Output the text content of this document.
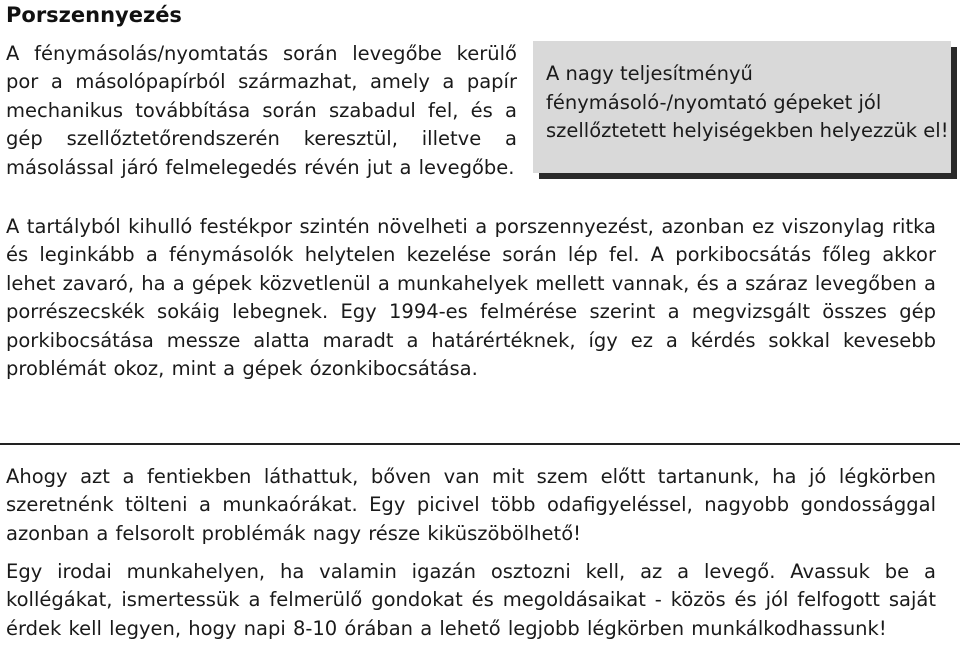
Porszennyezés

A fénymásolás/nyomtatás során levegőbe kerülő por a másolópapírból származhat, amely a papír mechanikus továbbítása során szabadul fel, és a gép szellőztetőrendszerén keresztül, illetve a másolással járó felmelegedés révén jut a levegőbe.

A nagy teljesítményű fénymásoló-/nyomtató gépeket jól szellőztetett helyiségekben helyezzük el!

A tartályból kihulló festékpor szintén növelheti a porszennyezést, azonban ez viszonylag ritka és leginkább a fénymásolók helytelen kezelése során lép fel. A porkibocsátás főleg akkor lehet zavaró, ha a gépek közvetlenül a munkahelyek mellett vannak, és a száraz levegőben a porrészecskék sokáig lebegnek. Egy 1994-es felmérése szerint a megvizsgált összes gép porkibocsátása messze alatta maradt a határértéknek, így ez a kérdés sokkal kevesebb problémát okoz, mint a gépek ózonkibocsátása.

Ahogy azt a fentiekben láthattuk, bőven van mit szem előtt tartanunk, ha jó légkörben szeretnénk tölteni a munkaórákat. Egy picivel több odafigyeléssel, nagyobb gondossággal azonban a felsorolt problémák nagy része kiküszöbölhető!

Egy irodai munkahelyen, ha valamin igazán osztozni kell, az a levegő. Avassuk be a kollégákat, ismertessük a felmerülő gondokat és megoldásaikat - közös és jól felfogott saját érdek kell legyen, hogy napi 8-10 órában a lehető legjobb légkörben munkálkodhassunk!
